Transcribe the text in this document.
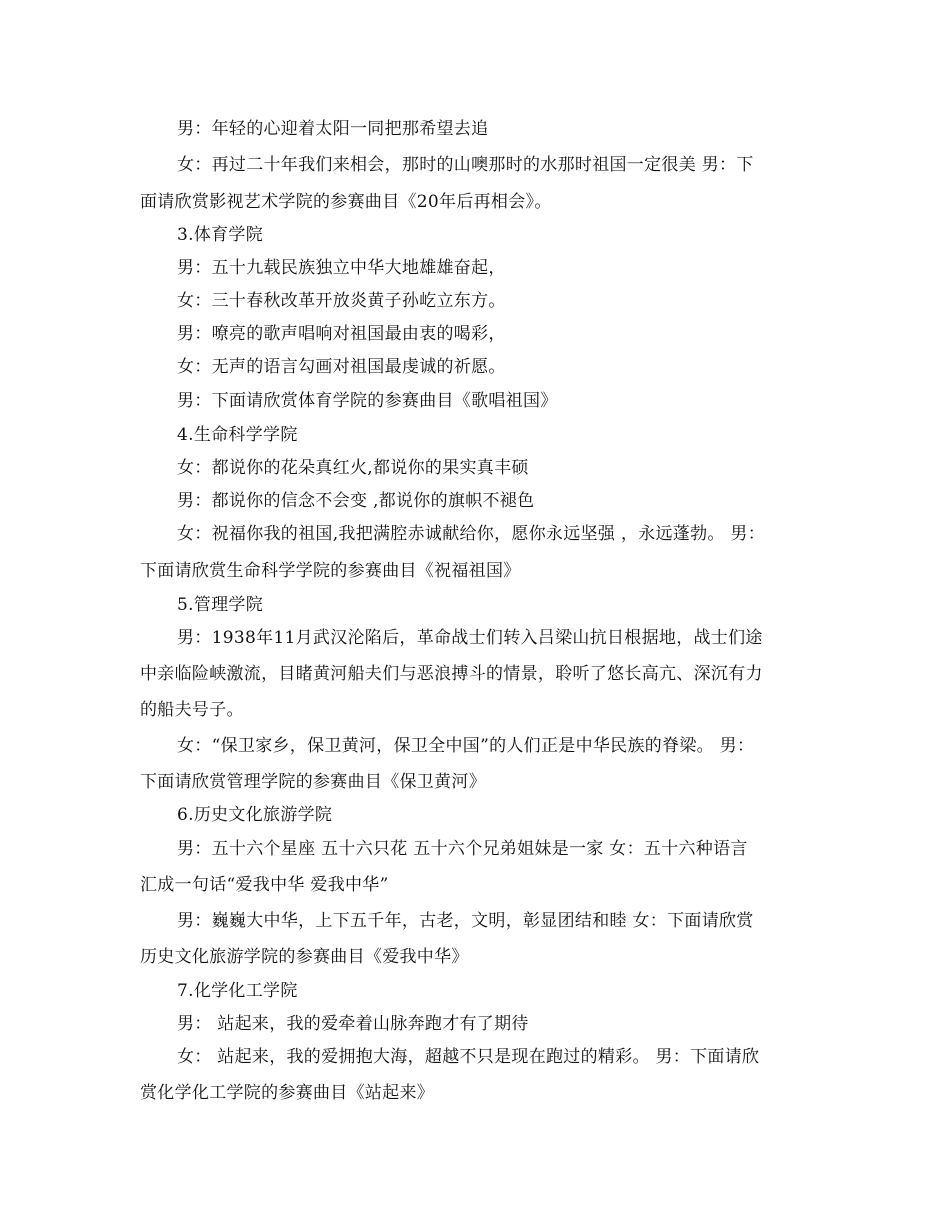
男：年轻的心迎着太阳一同把那希望去追
女：再过二十年我们来相会，那时的山噢那时的水那时祖国一定很美 男：下
面请欣赏影视艺术学院的参赛曲目《20年后再相会》。
3.体育学院
男：五十九载民族独立中华大地雄雄奋起，
女：三十春秋改革开放炎黄子孙屹立东方。
男：嘹亮的歌声唱响对祖国最由衷的喝彩，
女：无声的语言勾画对祖国最虔诚的祈愿。
男：下面请欣赏体育学院的参赛曲目《歌唱祖国》
4.生命科学学院
女：都说你的花朵真红火,都说你的果实真丰硕
男：都说你的信念不会变 ,都说你的旗帜不褪色
女：祝福你我的祖国,我把满腔赤诚献给你，愿你永远坚强 ，永远蓬勃。 男：
下面请欣赏生命科学学院的参赛曲目《祝福祖国》
5.管理学院
男：1938年11月武汉沦陷后，革命战士们转入吕梁山抗日根据地，战士们途
中亲临险峡激流，目睹黄河船夫们与恶浪搏斗的情景，聆听了悠长高亢、深沉有力
的船夫号子。
女：“保卫家乡，保卫黄河，保卫全中国”的人们正是中华民族的脊梁。 男：
下面请欣赏管理学院的参赛曲目《保卫黄河》
6.历史文化旅游学院
男：五十六个星座 五十六只花 五十六个兄弟姐妹是一家 女：五十六种语言
汇成一句话“爱我中华 爱我中华”
男：巍巍大中华，上下五千年，古老，文明，彰显团结和睦 女：下面请欣赏
历史文化旅游学院的参赛曲目《爱我中华》
7.化学化工学院
男： 站起来，我的爱牵着山脉奔跑才有了期待
女： 站起来，我的爱拥抱大海，超越不只是现在跑过的精彩。 男：下面请欣
赏化学化工学院的参赛曲目《站起来》
